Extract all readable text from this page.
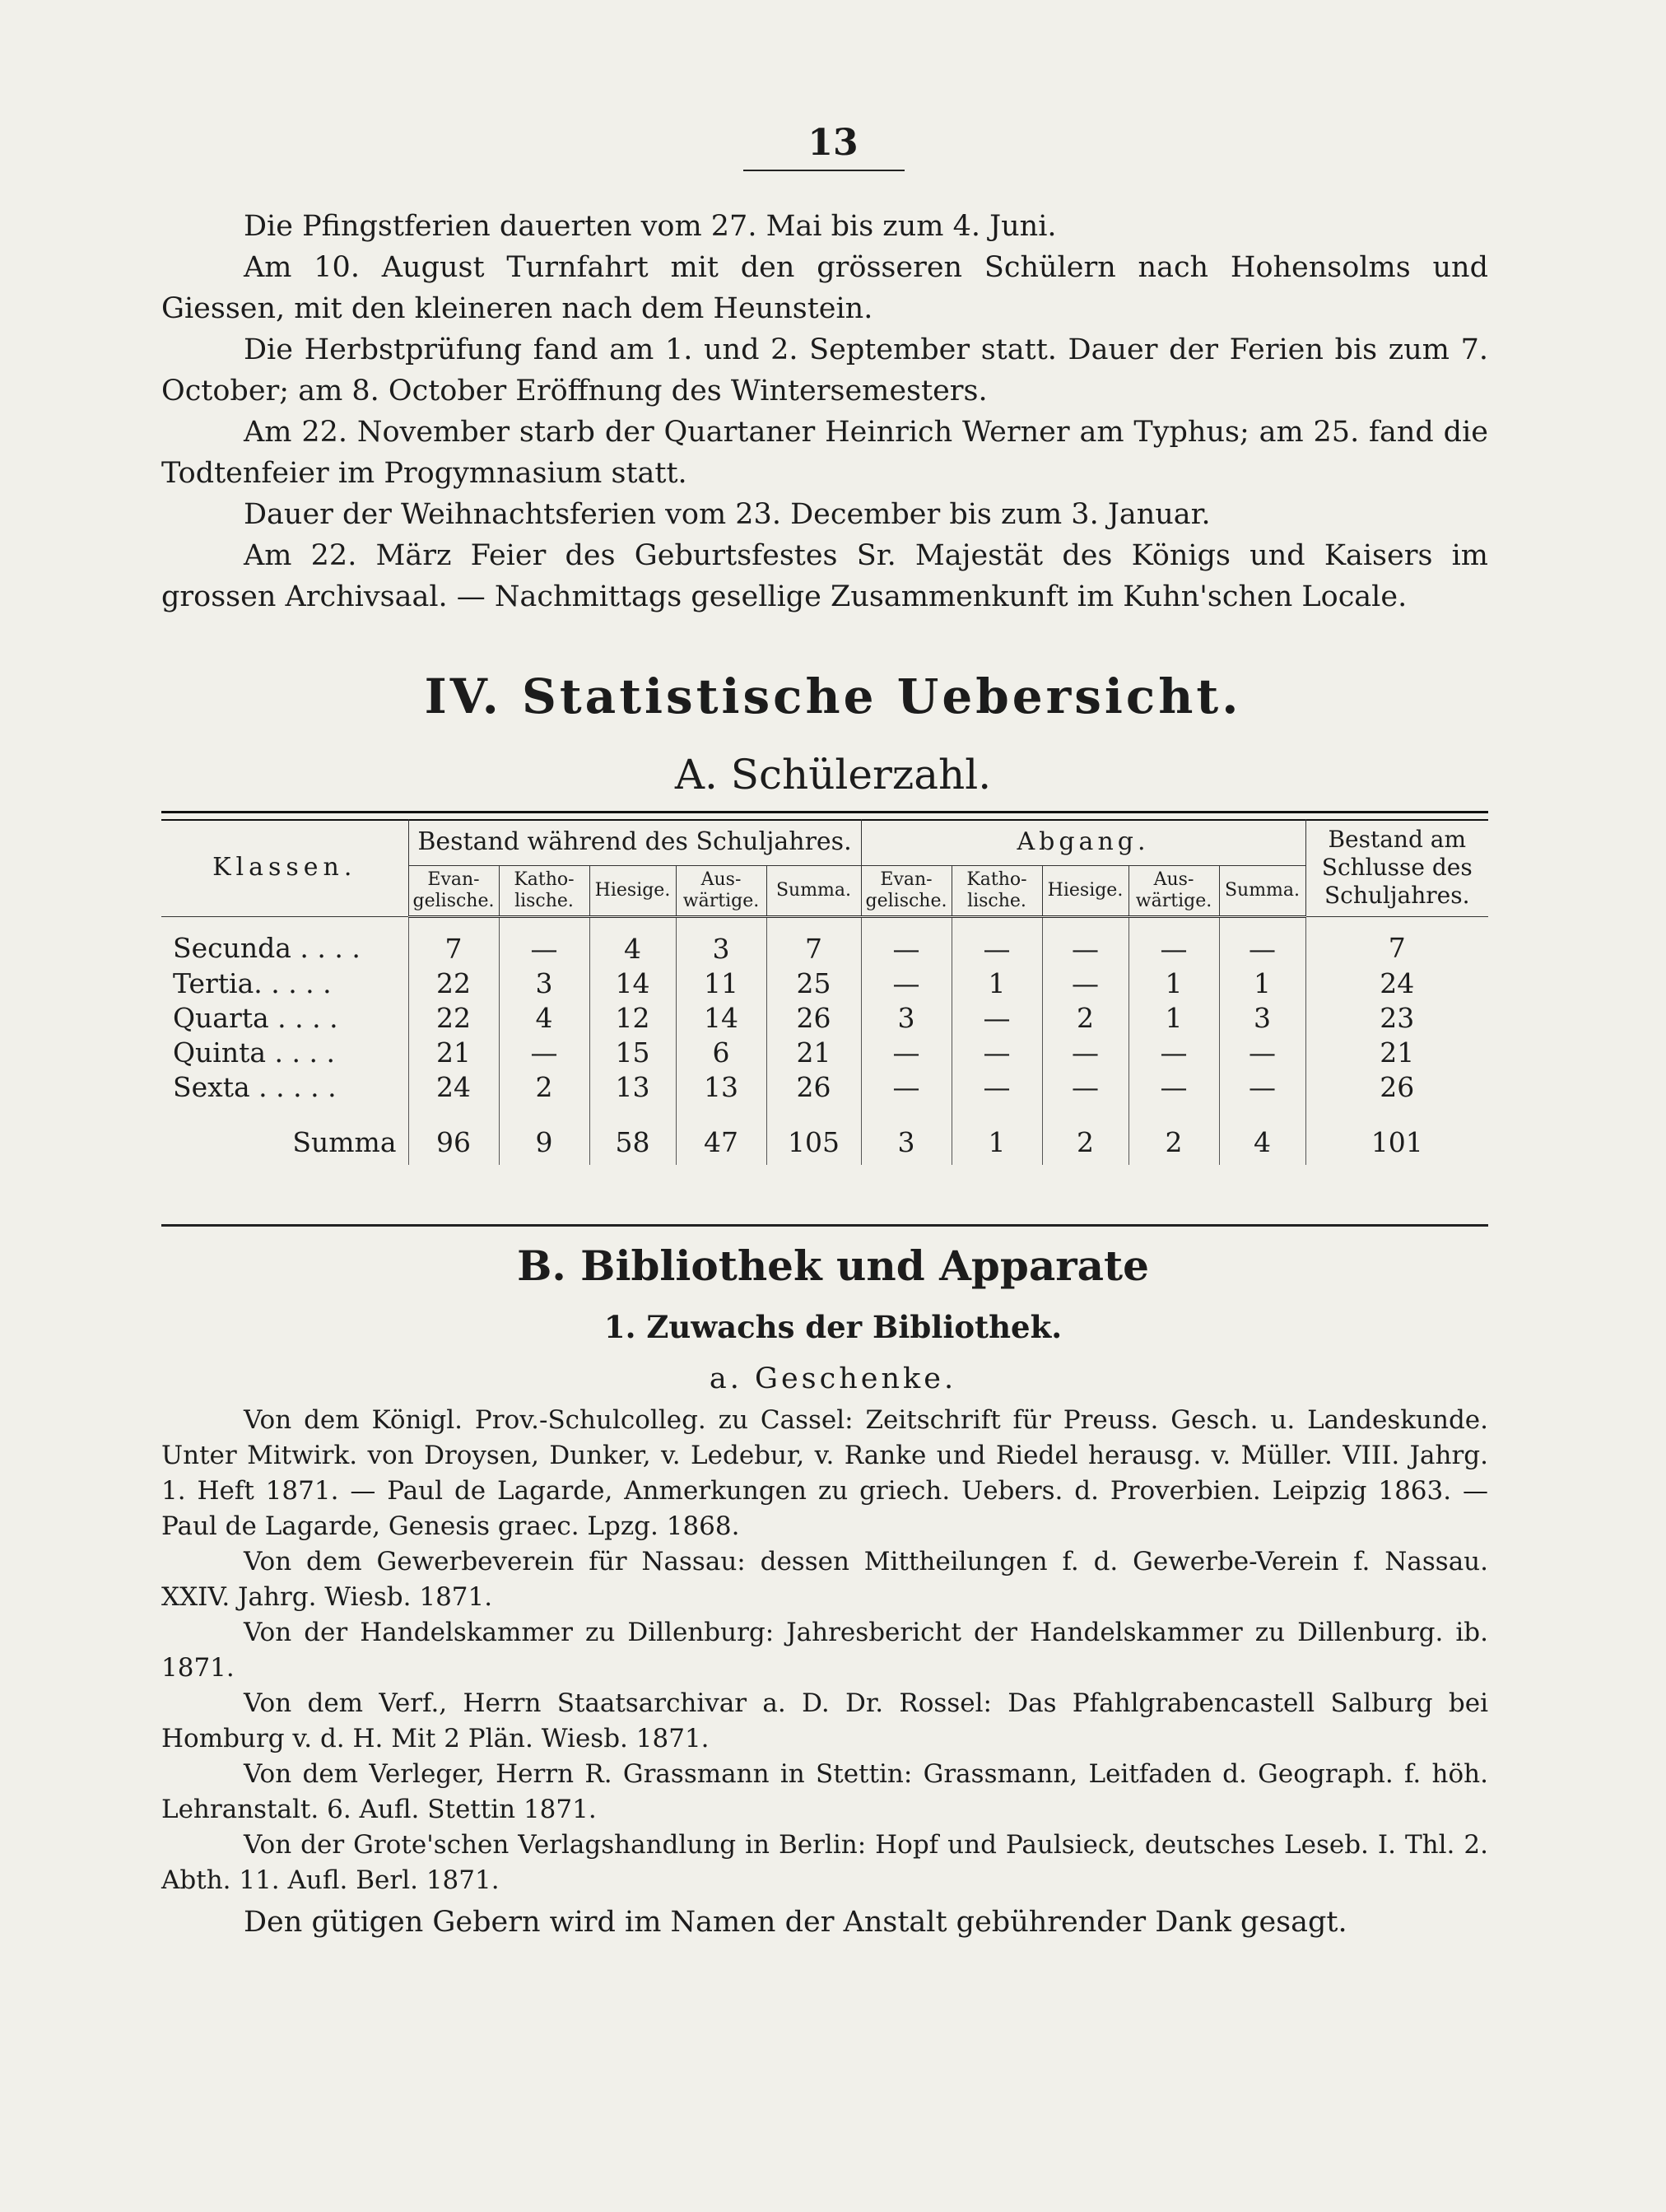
13

Die Pfingstferien dauerten vom 27. Mai bis zum 4. Juni.

Am 10. August Turnfahrt mit den grösseren Schülern nach Hohensolms und Giessen, mit den kleineren nach dem Heunstein.

Die Herbstprüfung fand am 1. und 2. September statt. Dauer der Ferien bis zum 7. October; am 8. October Eröffnung des Wintersemesters.

Am 22. November starb der Quartaner Heinrich Werner am Typhus; am 25. fand die Todtenfeier im Progymnasium statt.

Dauer der Weihnachtsferien vom 23. December bis zum 3. Januar.

Am 22. März Feier des Geburtsfestes Sr. Majestät des Königs und Kaisers im grossen Archivsaal. — Nachmittags gesellige Zusammenkunft im Kuhn'schen Locale.

IV. Statistische Uebersicht.
A. Schülerzahl.
Klassen.	Bestand während des Schuljahres.					Abgang.					Bestand am Schlusse des Schuljahres.
	Evan-gelische.	Katho-lische.	Hiesige.	Aus-wärtige.	Summa.	Evan-gelische.	Katho-lische.	Hiesige.	Aus-wärtige.	Summa.	
Secunda . . . .	7	—	4	3	7	—	—	—	—	—	7
Tertia. . . . .	22	3	14	11	25	—	1	—	1	1	24
Quarta . . . .	22	4	12	14	26	3	—	2	1	3	23
Quinta . . . .	21	—	15	6	21	—	—	—	—	—	21
Sexta . . . . .	24	2	13	13	26	—	—	—	—	—	26
Summa	96	9	58	47	105	3	1	2	2	4	101
B. Bibliothek und Apparate
1. Zuwachs der Bibliothek.
a. Geschenke.

Von dem Königl. Prov.-Schulcolleg. zu Cassel: Zeitschrift für Preuss. Gesch. u. Landeskunde. Unter Mitwirk. von Droysen, Dunker, v. Ledebur, v. Ranke und Riedel herausg. v. Müller. VIII. Jahrg. 1. Heft 1871. — Paul de Lagarde, Anmerkungen zu griech. Uebers. d. Proverbien. Leipzig 1863. — Paul de Lagarde, Genesis graec. Lpzg. 1868.

Von dem Gewerbeverein für Nassau: dessen Mittheilungen f. d. Gewerbe-Verein f. Nassau. XXIV. Jahrg. Wiesb. 1871.

Von der Handelskammer zu Dillenburg: Jahresbericht der Handelskammer zu Dillenburg. ib. 1871.

Von dem Verf., Herrn Staatsarchivar a. D. Dr. Rossel: Das Pfahlgrabencastell Salburg bei Homburg v. d. H. Mit 2 Plän. Wiesb. 1871.

Von dem Verleger, Herrn R. Grassmann in Stettin: Grassmann, Leitfaden d. Geograph. f. höh. Lehranstalt. 6. Aufl. Stettin 1871.

Von der Grote'schen Verlagshandlung in Berlin: Hopf und Paulsieck, deutsches Leseb. I. Thl. 2. Abth. 11. Aufl. Berl. 1871.

Den gütigen Gebern wird im Namen der Anstalt gebührender Dank gesagt.
